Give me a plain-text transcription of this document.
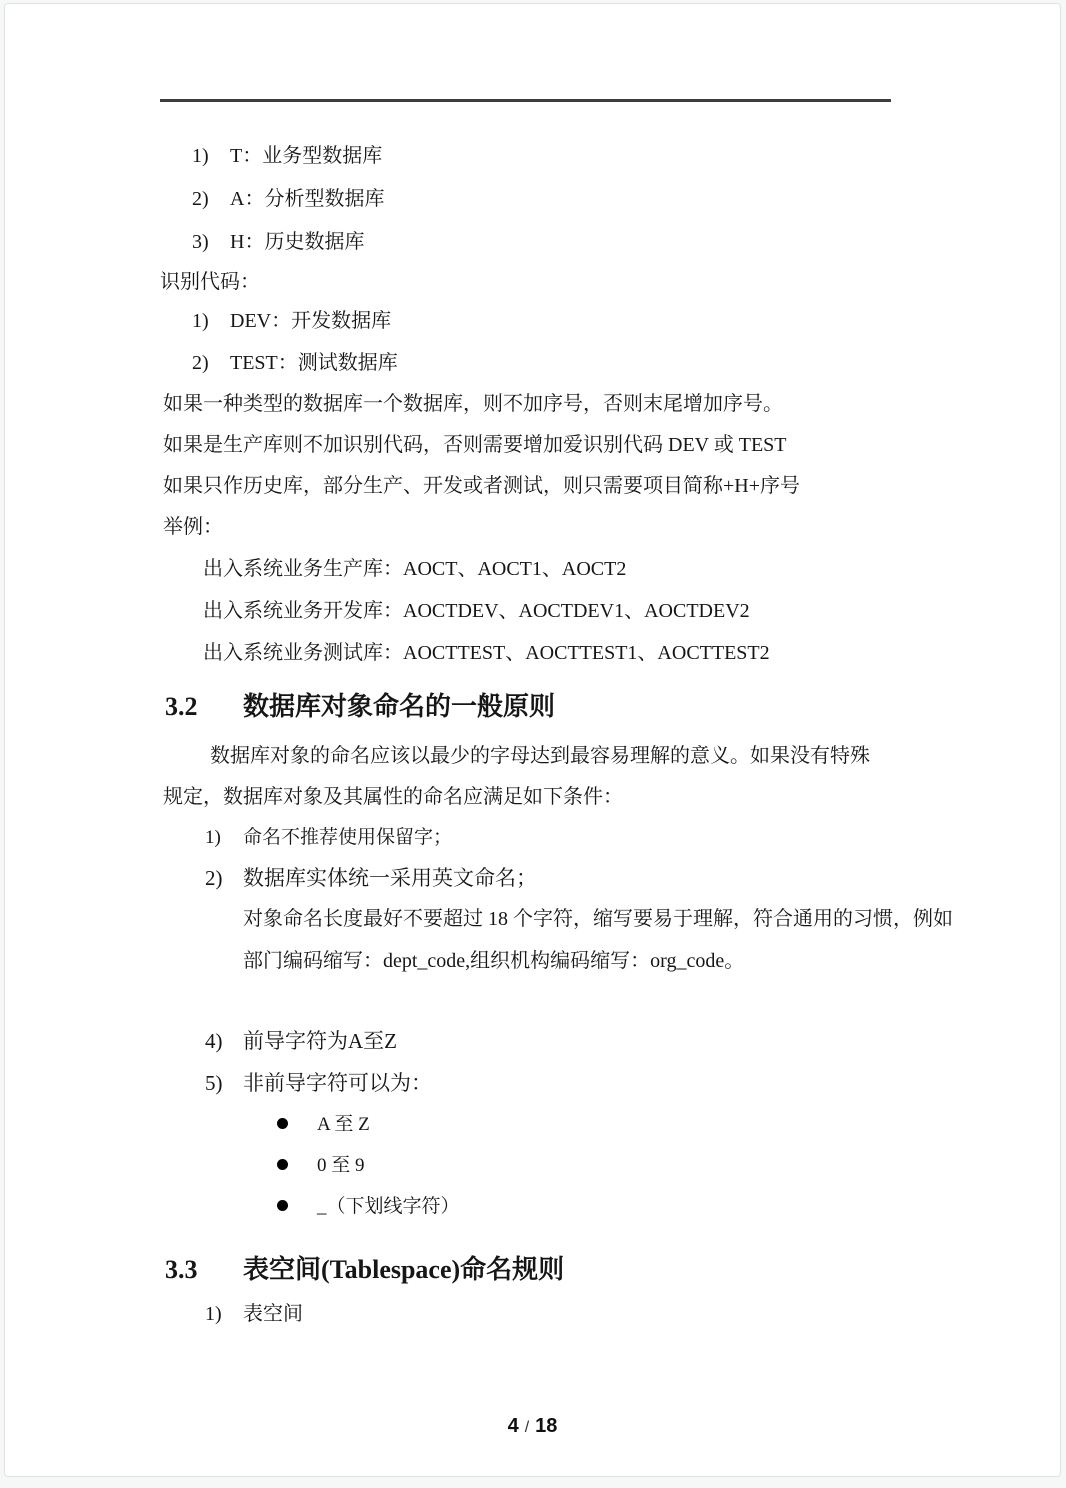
1) T：业务型数据库
2) A：分析型数据库
3) H：历史数据库
识别代码：
1) DEV：开发数据库
2) TEST：测试数据库
如果一种类型的数据库一个数据库，则不加序号，否则末尾增加序号。
如果是生产库则不加识别代码，否则需要增加爱识别代码 DEV 或 TEST
如果只作历史库，部分生产、开发或者测试，则只需要项目简称+H+序号
举例：
出入系统业务生产库：AOCT、AOCT1、AOCT2
出入系统业务开发库：AOCTDEV、AOCTDEV1、AOCTDEV2
出入系统业务测试库：AOCTTEST、AOCTTEST1、AOCTTEST2
3.2 数据库对象命名的一般原则
数据库对象的命名应该以最少的字母达到最容易理解的意义。如果没有特殊
规定，数据库对象及其属性的命名应满足如下条件：
1) 命名不推荐使用保留字；
2) 数据库实体统一采用英文命名；
对象命名长度最好不要超过 18 个字符，缩写要易于理解，符合通用的习惯，例如
部门编码缩写：dept_code,组织机构编码缩写：org_code。
4) 前导字符为A至Z
5) 非前导字符可以为：
A 至 Z
0 至 9
_（下划线字符）
3.3 表空间(Tablespace)命名规则
1) 表空间
4 / 18
